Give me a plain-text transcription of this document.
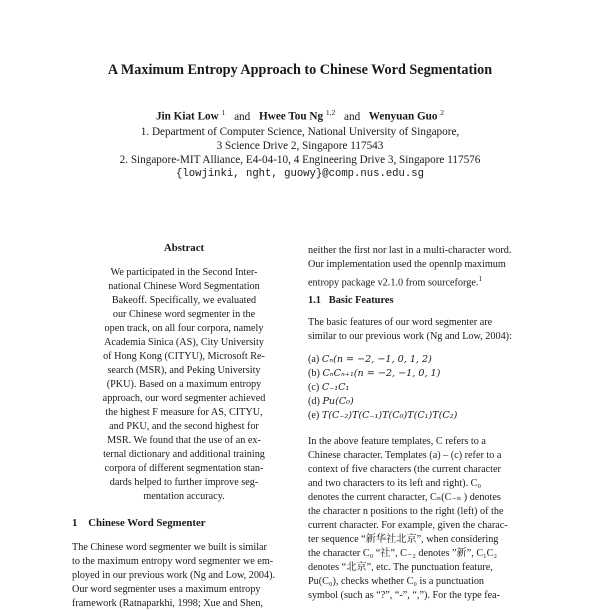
A Maximum Entropy Approach to Chinese Word Segmentation
Jin Kiat Low $^1$ and Hwee Tou Ng $^{1,2}$ and Wenyuan Guo $^2$
1. Department of Computer Science, National University of Singapore,
3 Science Drive 2, Singapore 117543
2. Singapore-MIT Alliance, E4-04-10, 4 Engineering Drive 3, Singapore 117576
{lowjinki, nght, guowy}@comp.nus.edu.sg
Abstract
We participated in the Second Inter-
national Chinese Word Segmentation
Bakeoff. Specifically, we evaluated
our Chinese word segmenter in the
open track, on all four corpora, namely
Academia Sinica (AS), City University
of Hong Kong (CITYU), Microsoft Re-
search (MSR), and Peking University
(PKU). Based on a maximum entropy
approach, our word segmenter achieved
the highest F measure for AS, CITYU,
and PKU, and the second highest for
MSR. We found that the use of an ex-
ternal dictionary and additional training
corpora of different segmentation stan-
dards helped to further improve seg-
mentation accuracy.
1 Chinese Word Segmenter
The Chinese word segmenter we built is similar
to the maximum entropy word segmenter we em-
ployed in our previous work (Ng and Low, 2004).
Our word segmenter uses a maximum entropy
framework (Ratnaparkhi, 1998; Xue and Shen,
neither the first nor last in a multi-character word.
Our implementation used the opennlp maximum
entropy package v2.1.0 from sourceforge.$^1$
1.1 Basic Features
The basic features of our word segmenter are
similar to our previous work (Ng and Low, 2004):
(a) Cₙ(n = −2, −1, 0, 1, 2)
(b) CₙCₙ₊₁(n = −2, −1, 0, 1)
(c) C₋₁C₁
(d) Pu(C₀)
(e) T(C₋₂)T(C₋₁)T(C₀)T(C₁)T(C₂)
In the above feature templates, C refers to a
Chinese character. Templates (a) – (c) refer to a
context of five characters (the current character
and two characters to its left and right). C₀
denotes the current character, Cₙ(C₋ₙ ) denotes
the character n positions to the right (left) of the
current character. For example, given the charac-
ter sequence “新华社北京”, when considering
the character C₀ “社”, C₋₂ denotes ”新”, C₁C₂
denotes “北京”, etc. The punctuation feature,
Pu(C₀), checks whether C₀ is a punctuation
symbol (such as “?”, “-”, “,”). For the type fea-
